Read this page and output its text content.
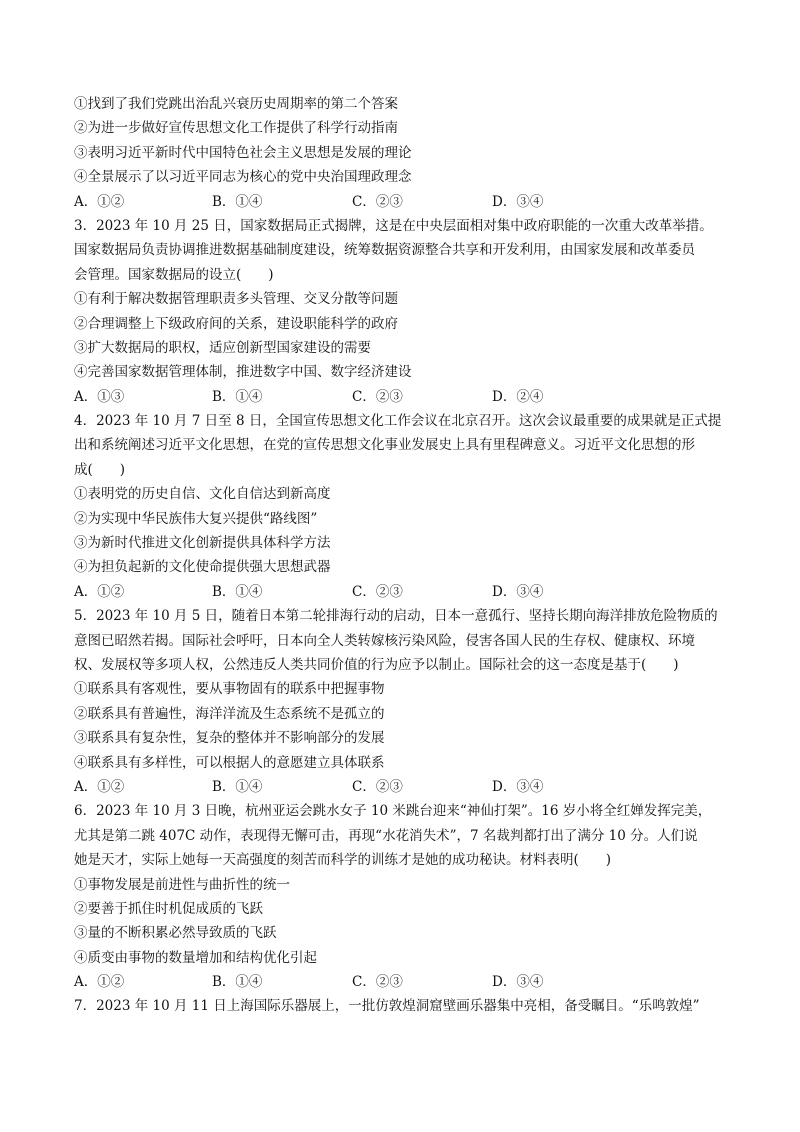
①找到了我们党跳出治乱兴衰历史周期率的第二个答案
②为进一步做好宣传思想文化工作提供了科学行动指南
③表明习近平新时代中国特色社会主义思想是发展的理论
④全景展示了以习近平同志为核心的党中央治国理政理念
A．①②	B．①④	C．②③	D．③④
3．2023 年 10 月 25 日，国家数据局正式揭牌，这是在中央层面相对集中政府职能的一次重大改革举措。
国家数据局负责协调推进数据基础制度建设，统筹数据资源整合共享和开发利用，由国家发展和改革委员
会管理。国家数据局的设立(　　)
①有利于解决数据管理职责多头管理、交叉分散等问题
②合理调整上下级政府间的关系，建设职能科学的政府
③扩大数据局的职权，适应创新型国家建设的需要
④完善国家数据管理体制，推进数字中国、数字经济建设
A．①③	B．①④	C．②③	D．②④
4．2023 年 10 月 7 日至 8 日，全国宣传思想文化工作会议在北京召开。这次会议最重要的成果就是正式提
出和系统阐述习近平文化思想，在党的宣传思想文化事业发展史上具有里程碑意义。习近平文化思想的形
成(　　)
①表明党的历史自信、文化自信达到新高度
②为实现中华民族伟大复兴提供“路线图”
③为新时代推进文化创新提供具体科学方法
④为担负起新的文化使命提供强大思想武器
A．①②	B．①④	C．②③	D．③④
5．2023 年 10 月 5 日，随着日本第二轮排海行动的启动，日本一意孤行、坚持长期向海洋排放危险物质的
意图已昭然若揭。国际社会呼吁，日本向全人类转嫁核污染风险，侵害各国人民的生存权、健康权、环境
权、发展权等多项人权，公然违反人类共同价值的行为应予以制止。国际社会的这一态度是基于(　　)
①联系具有客观性，要从事物固有的联系中把握事物
②联系具有普遍性，海洋洋流及生态系统不是孤立的
③联系具有复杂性，复杂的整体并不影响部分的发展
④联系具有多样性，可以根据人的意愿建立具体联系
A．①②	B．①④	C．②③	D．③④
6．2023 年 10 月 3 日晚，杭州亚运会跳水女子 10 米跳台迎来“神仙打架”。16 岁小将全红婵发挥完美，
尤其是第二跳 407C 动作，表现得无懈可击，再现“水花消失术”，7 名裁判都打出了满分 10 分。人们说
她是天才，实际上她每一天高强度的刻苦而科学的训练才是她的成功秘诀。材料表明(　　)
①事物发展是前进性与曲折性的统一
②要善于抓住时机促成质的飞跃
③量的不断积累必然导致质的飞跃
④质变由事物的数量增加和结构优化引起
A．①②	B．①④	C．②③	D．③④
7．2023 年 10 月 11 日上海国际乐器展上，一批仿敦煌洞窟壁画乐器集中亮相，备受瞩目。“乐鸣敦煌”
